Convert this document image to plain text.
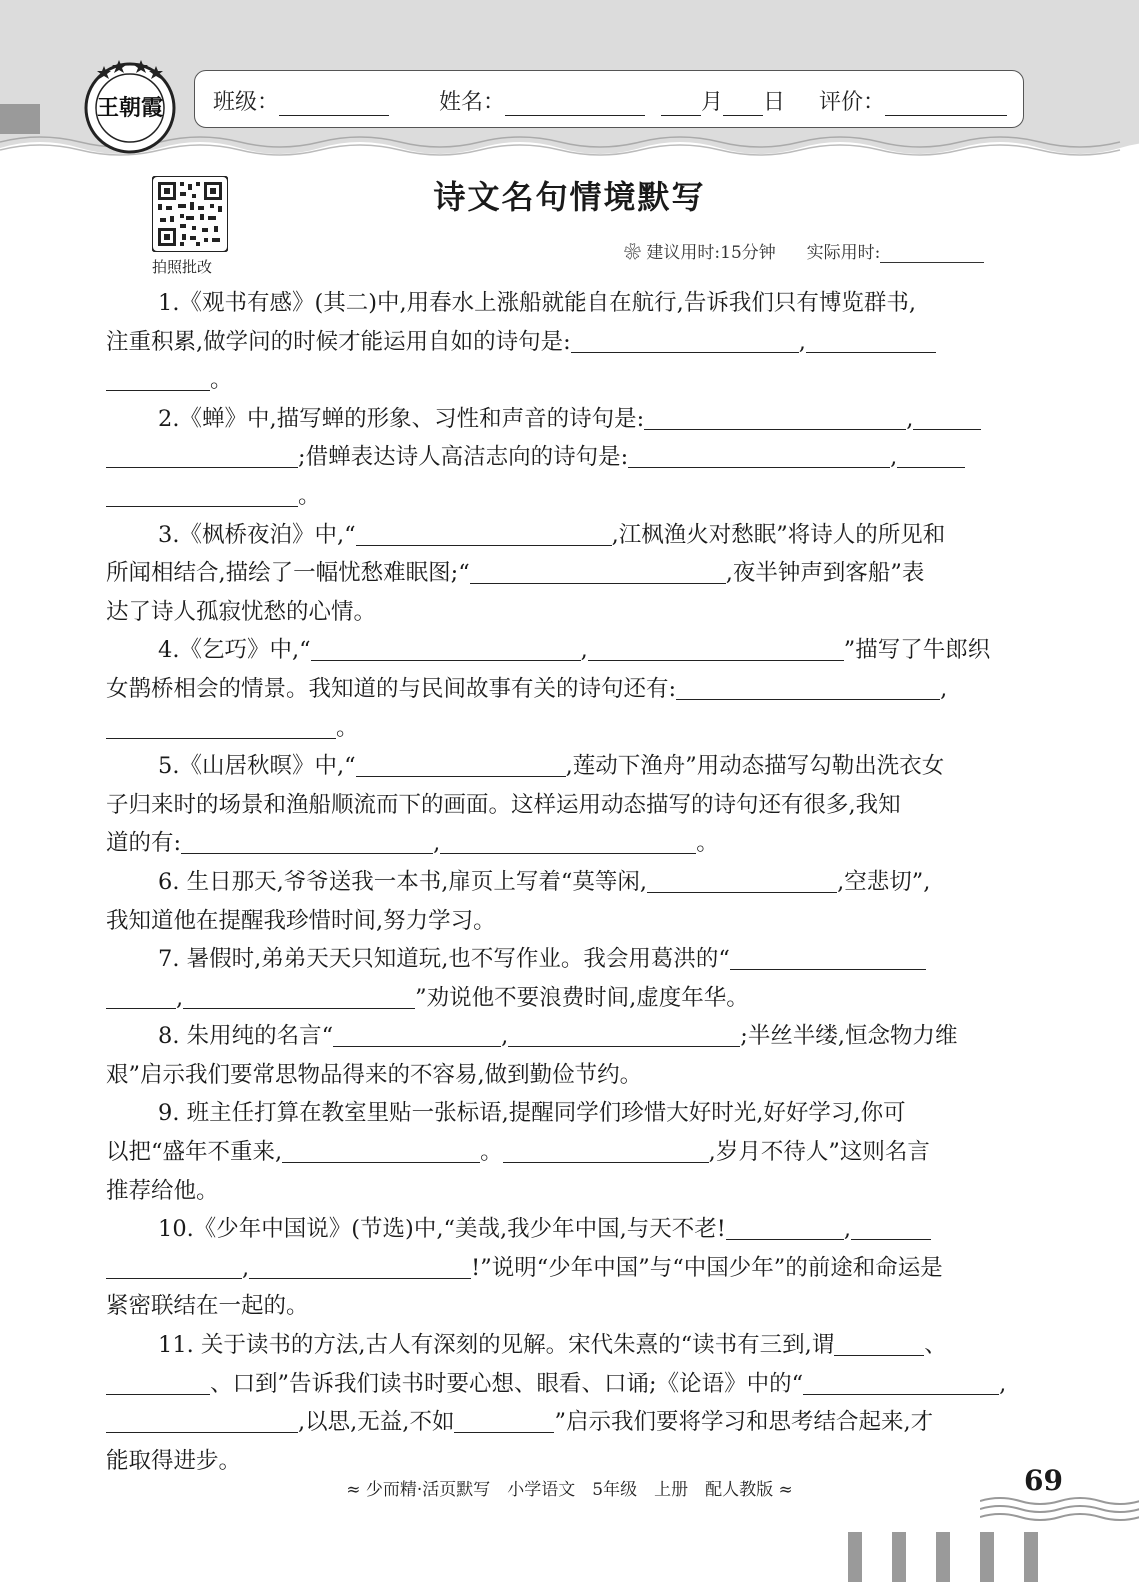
王朝霞 班级：	姓名：	月 日 评价：
拍照批改
诗文名句情境默写
❀ 建议用时:15分钟 实际用时:
1.《观书有感》(其二)中,用春水上涨船就能自在航行,告诉我们只有博览群书,
注重积累,做学问的时候才能运用自如的诗句是:	,
。
2.《蝉》中,描写蝉的形象、习性和声音的诗句是:	,
;借蝉表达诗人高洁志向的诗句是:	,
。
3.《枫桥夜泊》中,“	,江枫渔火对愁眠”将诗人的所见和
所闻相结合,描绘了一幅忧愁难眠图;“	,夜半钟声到客船”表
达了诗人孤寂忧愁的心情。
4.《乞巧》中,“	,	”描写了牛郎织
女鹊桥相会的情景。我知道的与民间故事有关的诗句还有:	,
。
5.《山居秋暝》中,“	,莲动下渔舟”用动态描写勾勒出洗衣女
子归来时的场景和渔船顺流而下的画面。这样运用动态描写的诗句还有很多,我知
道的有:	,	。
6. 生日那天,爷爷送我一本书,扉页上写着“莫等闲,	,空悲切”,
我知道他在提醒我珍惜时间,努力学习。
7. 暑假时,弟弟天天只知道玩,也不写作业。我会用葛洪的“
,	”劝说他不要浪费时间,虚度年华。
8. 朱用纯的名言“	,	;半丝半缕,恒念物力维
艰”启示我们要常思物品得来的不容易,做到勤俭节约。
9. 班主任打算在教室里贴一张标语,提醒同学们珍惜大好时光,好好学习,你可
以把“盛年不重来,	。	,岁月不待人”这则名言
推荐给他。
10.《少年中国说》(节选)中,“美哉,我少年中国,与天不老!	,
,	!”说明“少年中国”与“中国少年”的前途和命运是
紧密联结在一起的。
11. 关于读书的方法,古人有深刻的见解。宋代朱熹的“读书有三到,谓	、
、口到”告诉我们读书时要心想、眼看、口诵;《论语》中的“	,
,以思,无益,不如	”启示我们要将学习和思考结合起来,才
能取得进步。
≈ 少而精·活页默写　小学语文　5年级　上册　配人教版 ≈	69
